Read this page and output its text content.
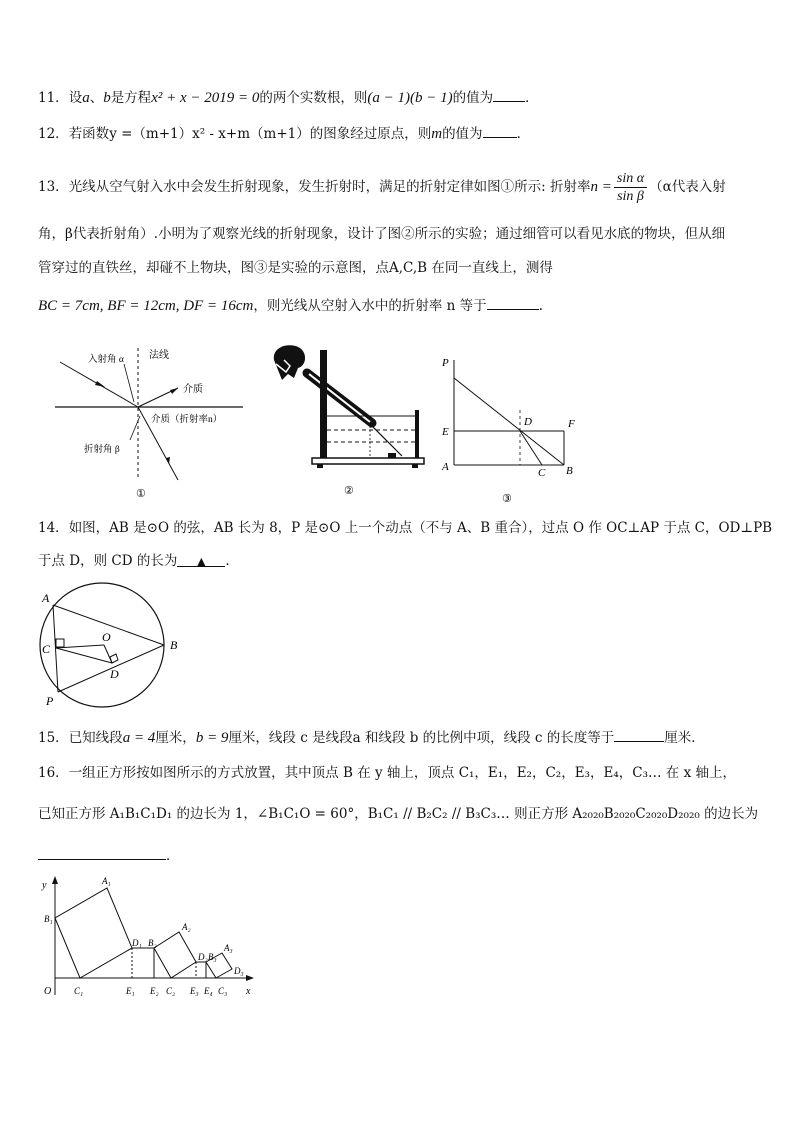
11．设a、b是方程x² + x − 2019 = 0的两个实数根，则(a − 1)(b − 1)的值为 ．
12．若函数y =（m+1）x² - x+m（m+1）的图象经过原点，则m的值为	．
13．光线从空气射入水中会发生折射现象，发生折射时，满足的折射定律如图①所示: 折射率$n = \frac{\text{sin α}}{\text{sin β}} (\alpha$代表入射
角，β代表折射角）.小明为了观察光线的折射现象，设计了图②所示的实验；通过细管可以看见水底的物块，但从细
管穿过的直铁丝，却碰不上物块，图③是实验的示意图，点A,C,B 在同一直线上，测得
BC = 7cm, BF = 12cm, DF = 16cm，则光线从空射入水中的折射率 n 等于	.
入射角 α	法线
介质
介质（折射率n）
折射角 β
①	②
P
E
A
D	F
C B
③
14．如图，AB 是⊙O 的弦，AB 长为 8，P 是⊙O 上一个动点（不与 A、B 重合），过点 O 作 OC⊥AP 于点 C，OD⊥PB
于点 D，则 CD 的长为 ▲ ．
A
B
C
O
D
P
15．已知线段a = 4厘米，b = 9厘米，线段 c 是线段a 和线段 b 的比例中项，线段 c 的长度等于	厘米．
16．一组正方形按如图所示的方式放置，其中顶点 B 在 y 轴上，顶点 C₁，E₁，E₂，C₂，E₃，E₄，C₃… 在 x 轴上，
已知正方形 A₁B₁C₁D₁ 的边长为 1，∠B₁C₁O = 60°，B₁C₁ // B₂C₂ // B₃C₃… 则正方形 A₂₀₂₀B₂₀₂₀C₂₀₂₀D₂₀₂₀ 的边长为
．
y
x
O
A₁
B₁
C₁
D₁
E₁
A₂
B₂
C₂
D₂
E₂
A₃
B₃
C₃
D₃
E₃ E₄
